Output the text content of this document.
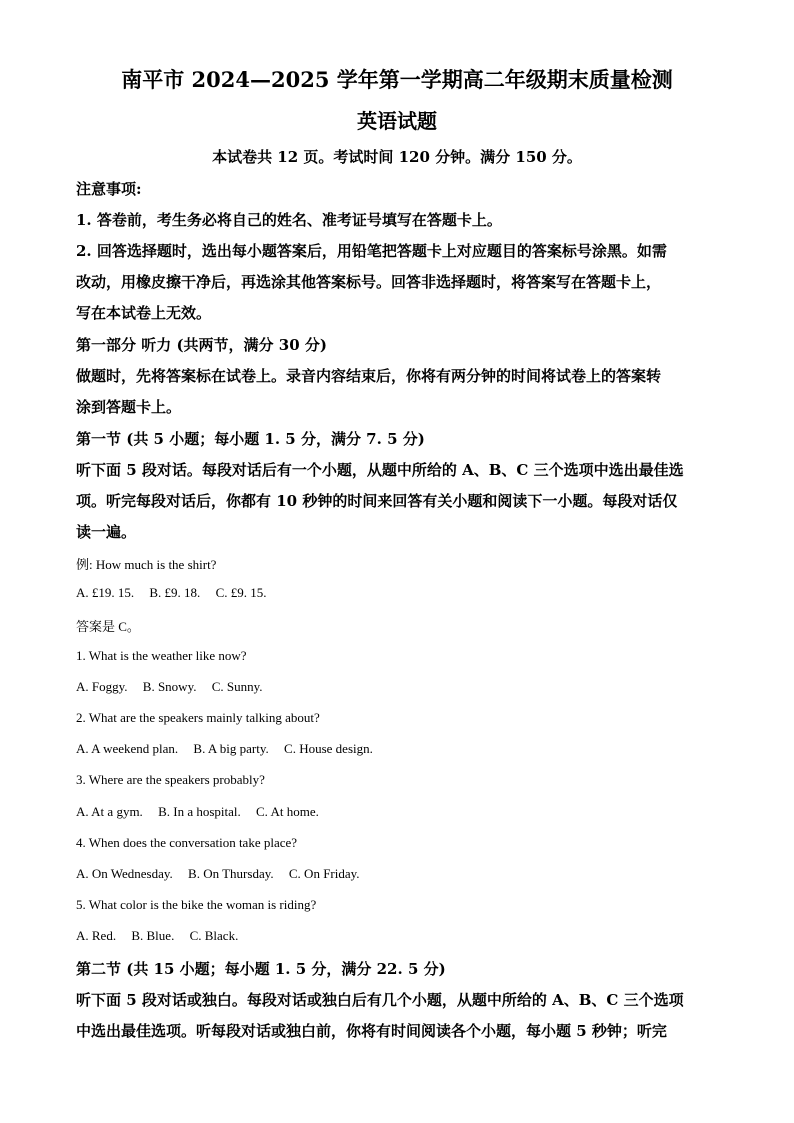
南平市 2024—2025 学年第一学期高二年级期末质量检测
英语试题
本试卷共 12 页。考试时间 120 分钟。满分 150 分。
注意事项:
1. 答卷前，考生务必将自己的姓名、准考证号填写在答题卡上。
2. 回答选择题时，选出每小题答案后，用铅笔把答题卡上对应题目的答案标号涂黑。如需
改动，用橡皮擦干净后，再选涂其他答案标号。回答非选择题时，将答案写在答题卡上，
写在本试卷上无效。
第一部分 听力 (共两节，满分 30 分)
做题时，先将答案标在试卷上。录音内容结束后，你将有两分钟的时间将试卷上的答案转
涂到答题卡上。
第一节 (共 5 小题；每小题 1. 5 分，满分 7. 5 分)
听下面 5 段对话。每段对话后有一个小题，从题中所给的 A、B、C 三个选项中选出最佳选
项。听完每段对话后，你都有 10 秒钟的时间来回答有关小题和阅读下一小题。每段对话仅
读一遍。
例: How much is the shirt?
A. £19. 15. B. £9. 18. C. £9. 15.
答案是 C。
1. What is the weather like now?
A. Foggy. B. Snowy. C. Sunny.
2. What are the speakers mainly talking about?
A. A weekend plan. B. A big party. C. House design.
3. Where are the speakers probably?
A. At a gym. B. In a hospital. C. At home.
4. When does the conversation take place?
A. On Wednesday. B. On Thursday. C. On Friday.
5. What color is the bike the woman is riding?
A. Red. B. Blue. C. Black.
第二节 (共 15 小题；每小题 1. 5 分，满分 22. 5 分)
听下面 5 段对话或独白。每段对话或独白后有几个小题，从题中所给的 A、B、C 三个选项
中选出最佳选项。听每段对话或独白前，你将有时间阅读各个小题，每小题 5 秒钟；听完
